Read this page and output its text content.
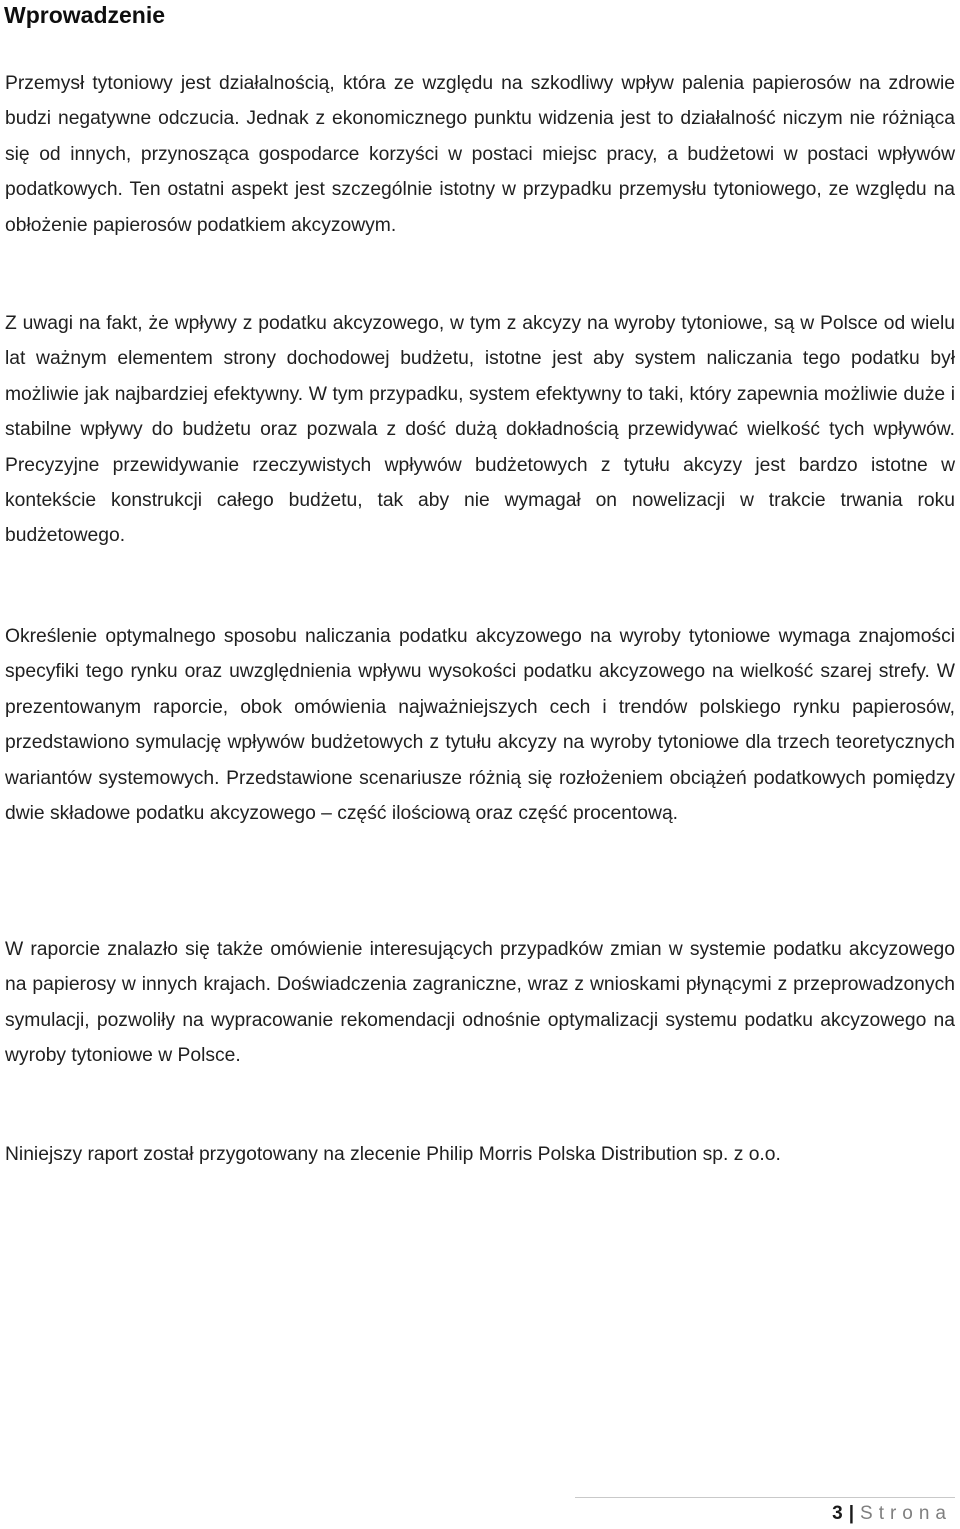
Wprowadzenie

Przemysł tytoniowy jest działalnością, która ze względu na szkodliwy wpływ palenia papierosów na zdrowie budzi negatywne odczucia. Jednak z ekonomicznego punktu widzenia jest to działalność niczym nie różniąca się od innych, przynosząca gospodarce korzyści w postaci miejsc pracy, a budżetowi w postaci wpływów podatkowych. Ten ostatni aspekt jest szczególnie istotny w przypadku przemysłu tytoniowego, ze względu na obłożenie papierosów podatkiem akcyzowym.

Z uwagi na fakt, że wpływy z podatku akcyzowego, w tym z akcyzy na wyroby tytoniowe, są w Polsce od wielu lat ważnym elementem strony dochodowej budżetu, istotne jest aby system naliczania tego podatku był możliwie jak najbardziej efektywny. W tym przypadku, system efektywny to taki, który zapewnia możliwie duże i stabilne wpływy do budżetu oraz pozwala z dość dużą dokładnością przewidywać wielkość tych wpływów. Precyzyjne przewidywanie rzeczywistych wpływów budżetowych z tytułu akcyzy jest bardzo istotne w kontekście konstrukcji całego budżetu, tak aby nie wymagał on nowelizacji w trakcie trwania roku budżetowego.

Określenie optymalnego sposobu naliczania podatku akcyzowego na wyroby tytoniowe wymaga znajomości specyfiki tego rynku oraz uwzględnienia wpływu wysokości podatku akcyzowego na wielkość szarej strefy. W prezentowanym raporcie, obok omówienia najważniejszych cech i trendów polskiego rynku papierosów, przedstawiono symulację wpływów budżetowych z tytułu akcyzy na wyroby tytoniowe dla trzech teoretycznych wariantów systemowych. Przedstawione scenariusze różnią się rozłożeniem obciążeń podatkowych pomiędzy dwie składowe podatku akcyzowego – część ilościową oraz część procentową.

W raporcie znalazło się także omówienie interesujących przypadków zmian w systemie podatku akcyzowego na papierosy w innych krajach. Doświadczenia zagraniczne, wraz z wnioskami płynącymi z przeprowadzonych symulacji, pozwoliły na wypracowanie rekomendacji odnośnie optymalizacji systemu podatku akcyzowego na wyroby tytoniowe w Polsce.

Niniejszy raport został przygotowany na zlecenie Philip Morris Polska Distribution sp. z o.o.

3 | Strona
